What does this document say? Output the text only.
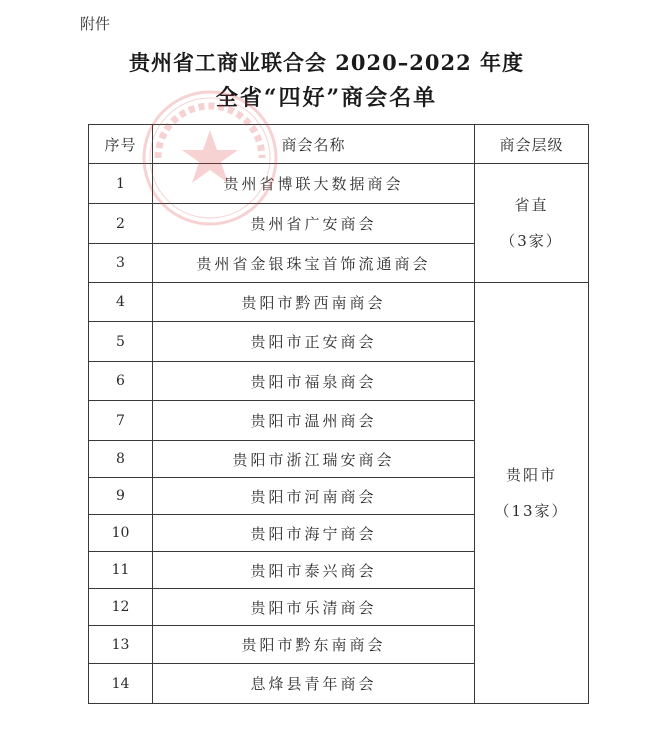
附件
贵州省工商业联合会 2020–2022 年度
全省“四好”商会名单
序号	商会名称	商会层级
1	贵州省博联大数据商会	省直
（3家）

2	贵州省广安商会	
3	贵州省金银珠宝首饰流通商会	
4	贵阳市黔西南商会	贵阳市
（13家）

5	贵阳市正安商会	
6	贵阳市福泉商会	
7	贵阳市温州商会	
8	贵阳市浙江瑞安商会	
9	贵阳市河南商会	
10	贵阳市海宁商会	
11	贵阳市泰兴商会	
12	贵阳市乐清商会	
13	贵阳市黔东南商会	
14	息烽县青年商会	
